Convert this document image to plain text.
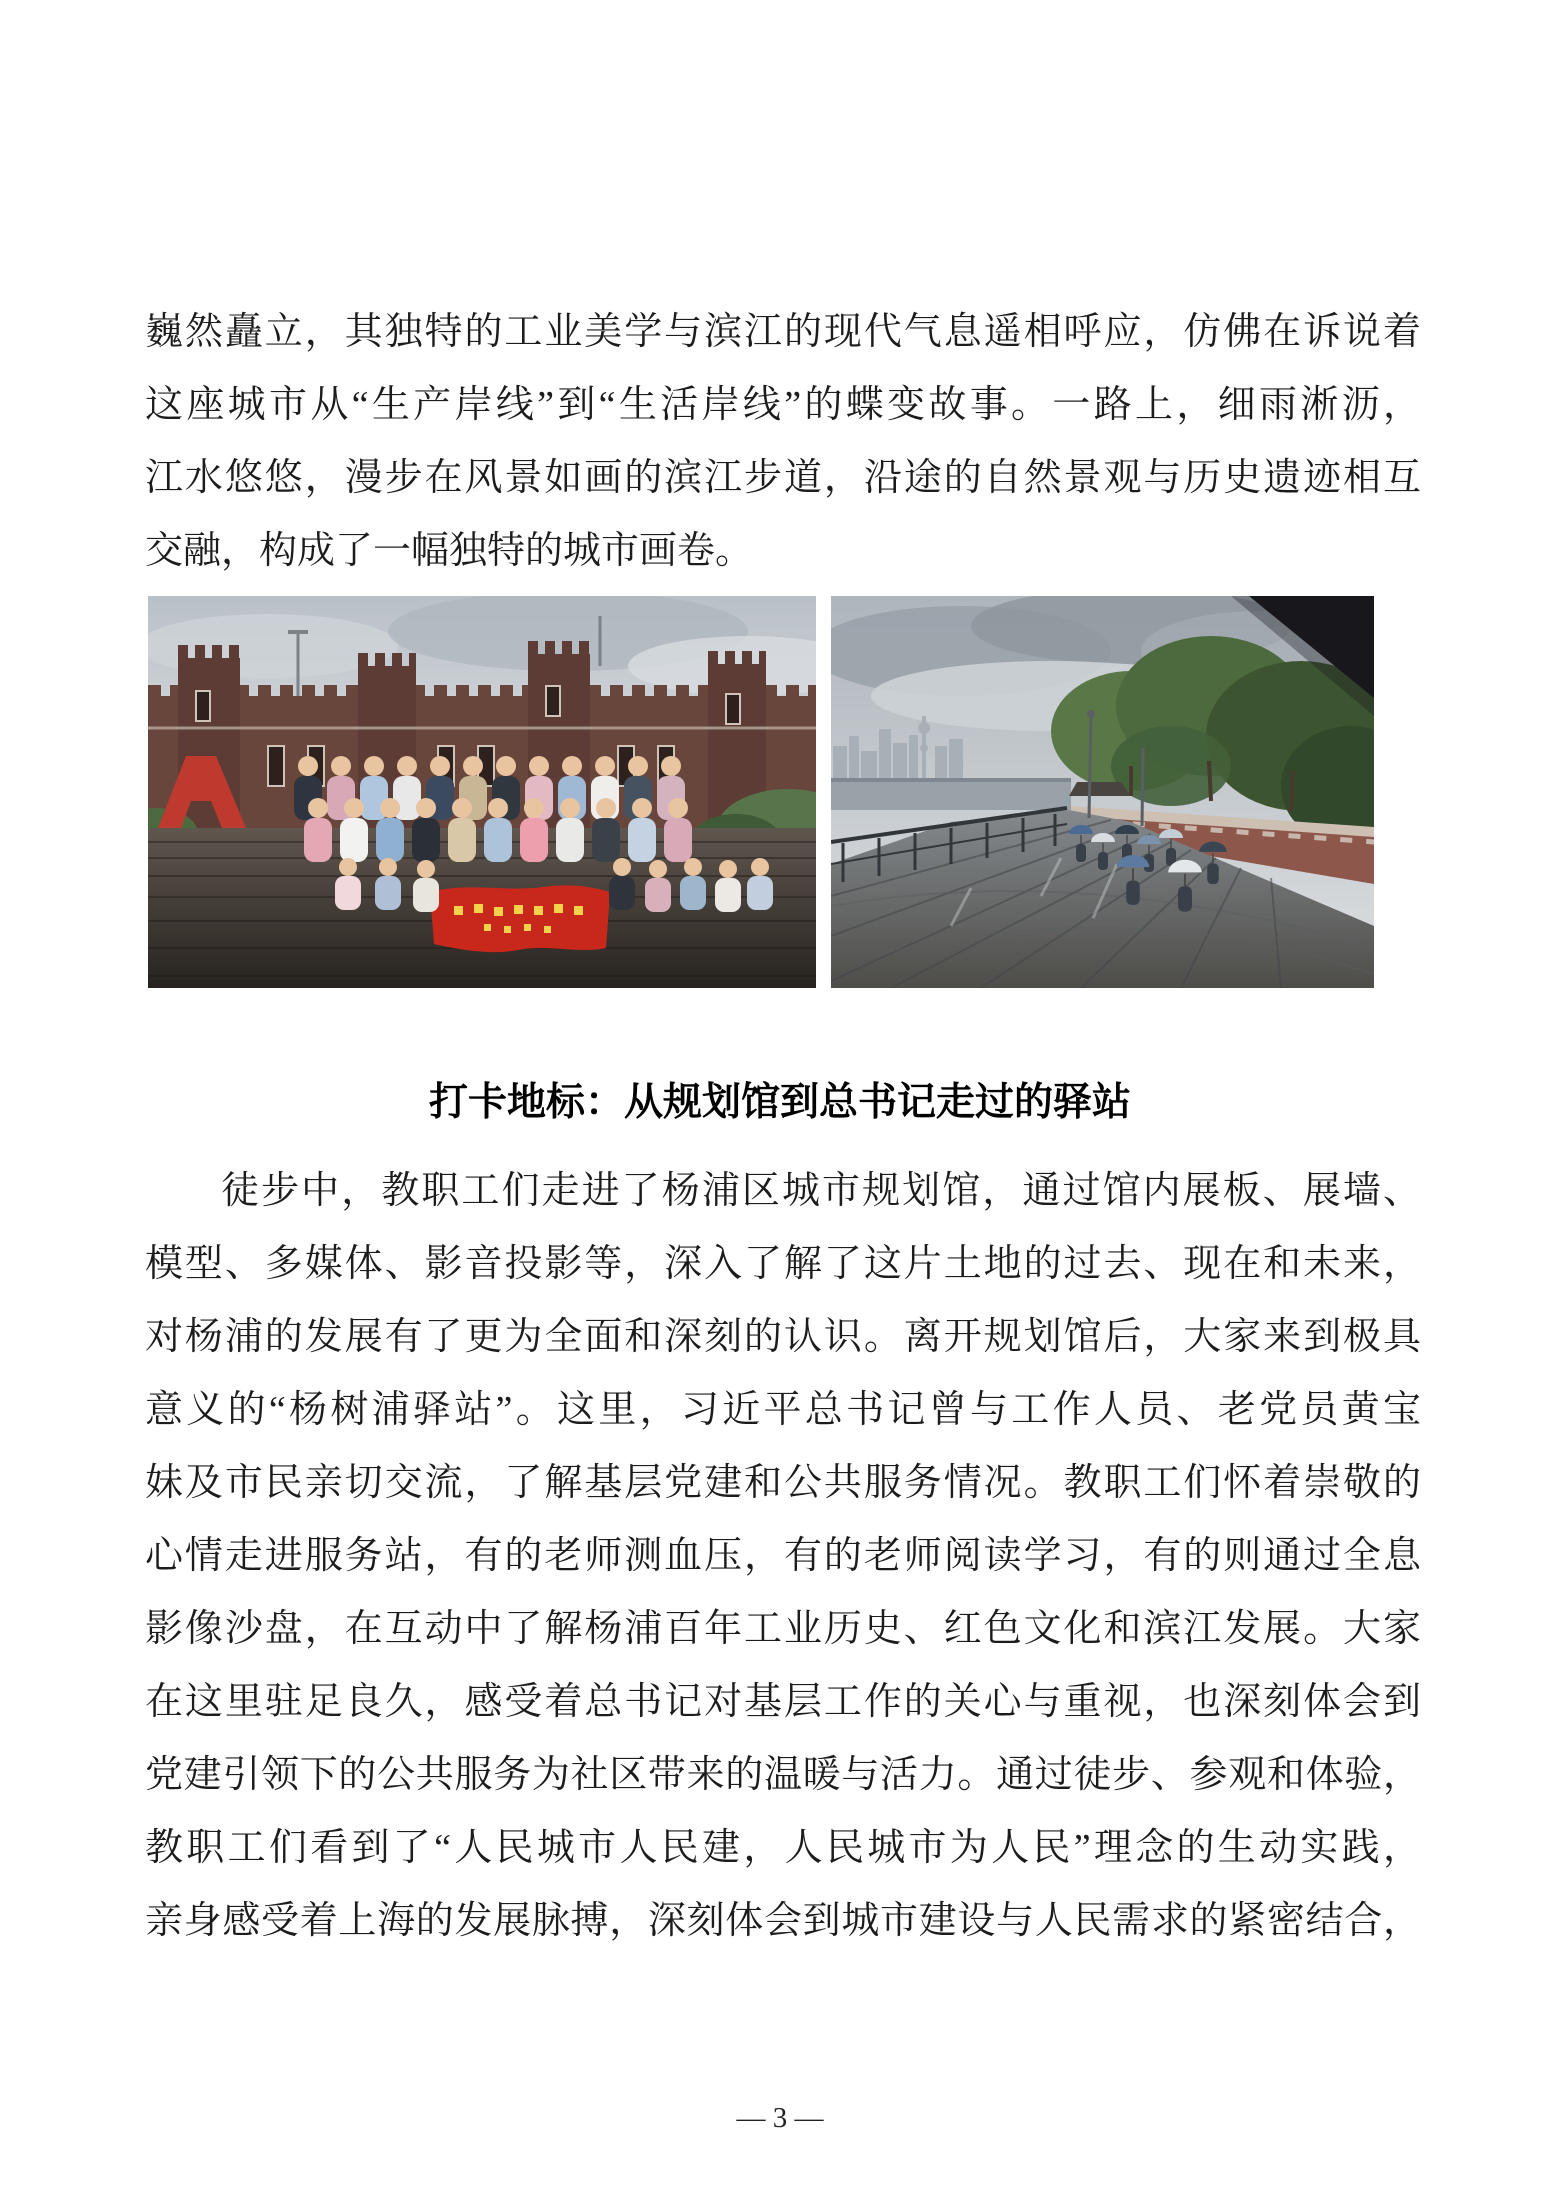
巍然矗立，其独特的工业美学与滨江的现代气息遥相呼应，仿佛在诉说着
这座城市从“生产岸线”到“生活岸线”的蝶变故事。一路上，细雨淅沥，
江水悠悠，漫步在风景如画的滨江步道，沿途的自然景观与历史遗迹相互
交融，构成了一幅独特的城市画卷。
打卡地标：从规划馆到总书记走过的驿站
徒步中，教职工们走进了杨浦区城市规划馆，通过馆内展板、展墙、
模型、多媒体、影音投影等，深入了解了这片土地的过去、现在和未来，
对杨浦的发展有了更为全面和深刻的认识。离开规划馆后，大家来到极具
意义的“杨树浦驿站”。这里，习近平总书记曾与工作人员、老党员黄宝
妹及市民亲切交流，了解基层党建和公共服务情况。教职工们怀着崇敬的
心情走进服务站，有的老师测血压，有的老师阅读学习，有的则通过全息
影像沙盘，在互动中了解杨浦百年工业历史、红色文化和滨江发展。大家
在这里驻足良久，感受着总书记对基层工作的关心与重视，也深刻体会到
党建引领下的公共服务为社区带来的温暖与活力。通过徒步、参观和体验，
教职工们看到了“人民城市人民建，人民城市为人民”理念的生动实践，
亲身感受着上海的发展脉搏，深刻体会到城市建设与人民需求的紧密结合，
— 3 —
